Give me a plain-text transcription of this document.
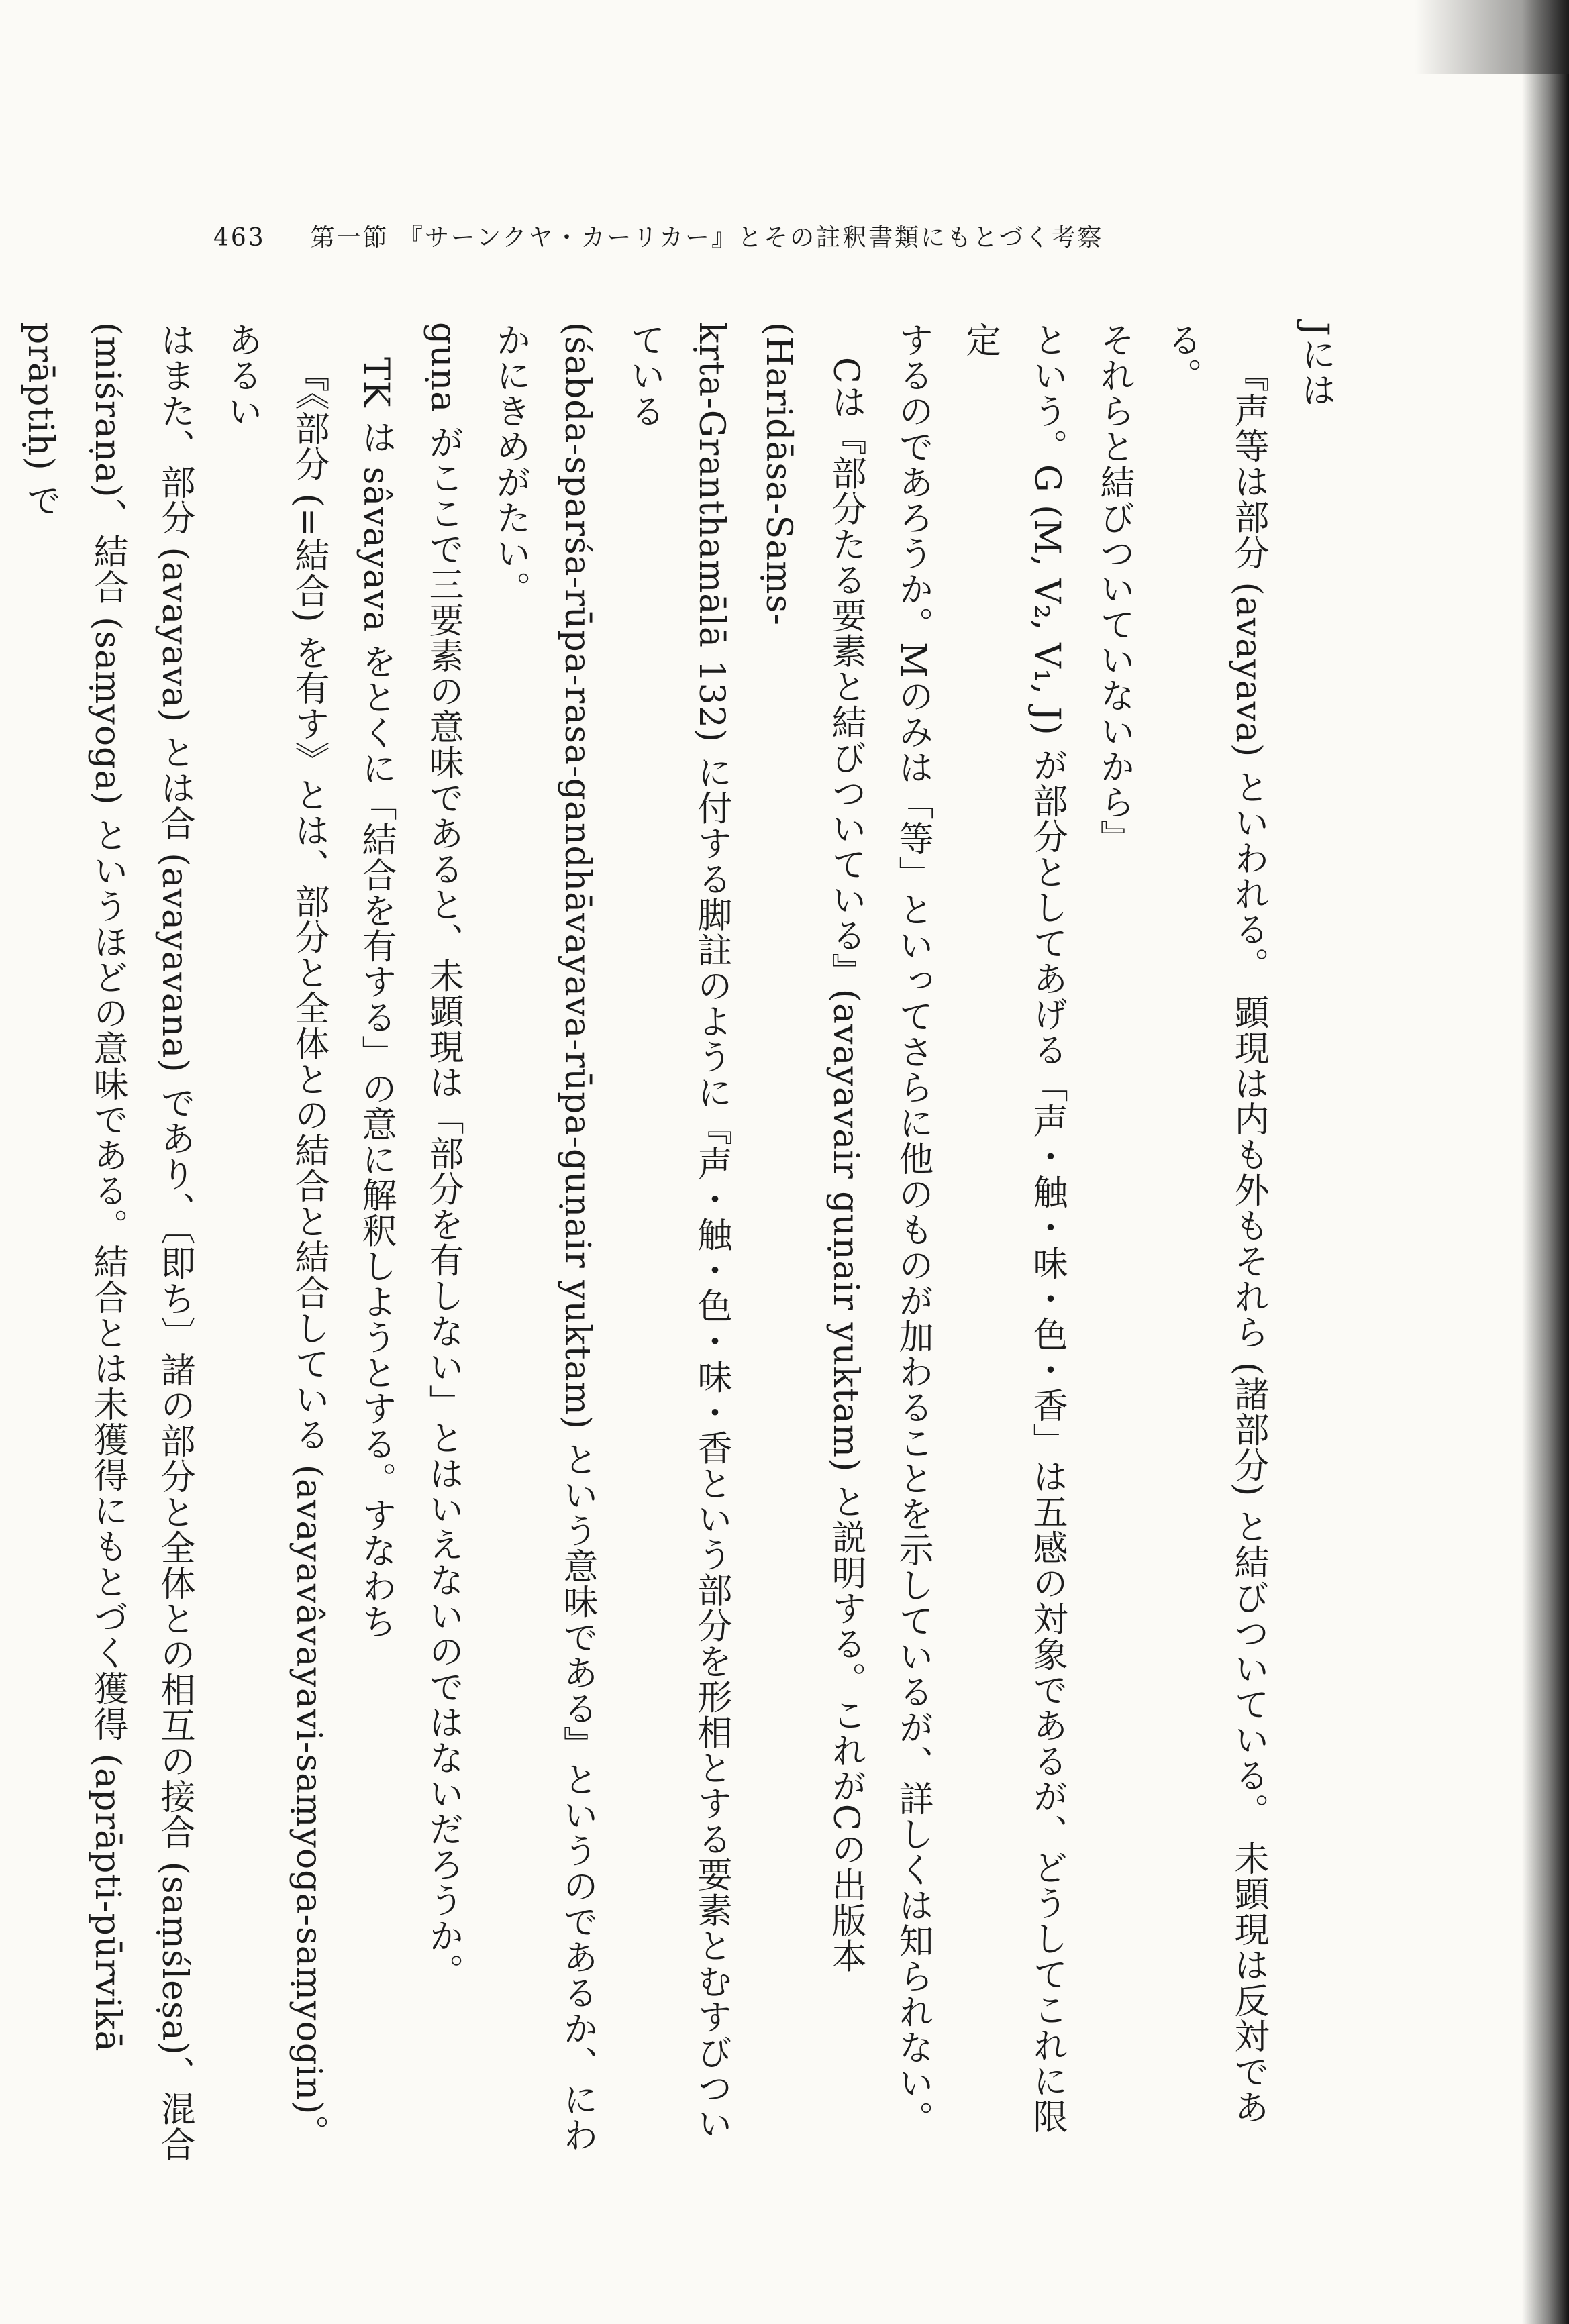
463 第一節 『サーンクヤ・カーリカー』とその註釈書類にもとづく考察

Jには

『声等は部分 (avayava) といわれる。 顕現は内も外もそれら (諸部分) と結びついている。 未顕現は反対である。

それらと結びついていないから』

という。G (M, V₂, V₁, J) が部分としてあげる「声・触・味・色・香」は五感の対象であるが、どうしてこれに限定

するのであろうか。Mのみは「等」といってさらに他のものが加わることを示しているが、詳しくは知られない。

Cは『部分たる要素と結びついている』(avayavair guṇair yuktam) と説明する。これがCの出版本 (Haridāsa-Saṃs-

kṛta-Granthamālā 132) に付する脚註のように『声・触・色・味・香という部分を形相とする要素とむすびついている

(śabda-sparśa-rūpa-rasa-gandhāvayava-rūpa-guṇair yuktam) という意味である』というのであるか、にわかにきめがたい。

guṇa がここで三要素の意味であると、未顕現は「部分を有しない」とはいえないのではないだろうか。

TK は sâvayava をとくに「結合を有する」の意に解釈しようとする。すなわち

『《部分 (=結合) を有す》とは、部分と全体との結合と結合している (avayavâvayavi-saṃyoga-saṃyogin)。 あるい

はまた、部分 (avayava) とは合 (avayavana) であり、〔即ち〕諸の部分と全体との相互の接合 (saṃśleṣa)、混合

(miśraṇa)、結合 (saṃyoga) というほどの意味である。結合とは未獲得にもとづく獲得 (aprāpti-pūrvikā prāptiḥ) で
